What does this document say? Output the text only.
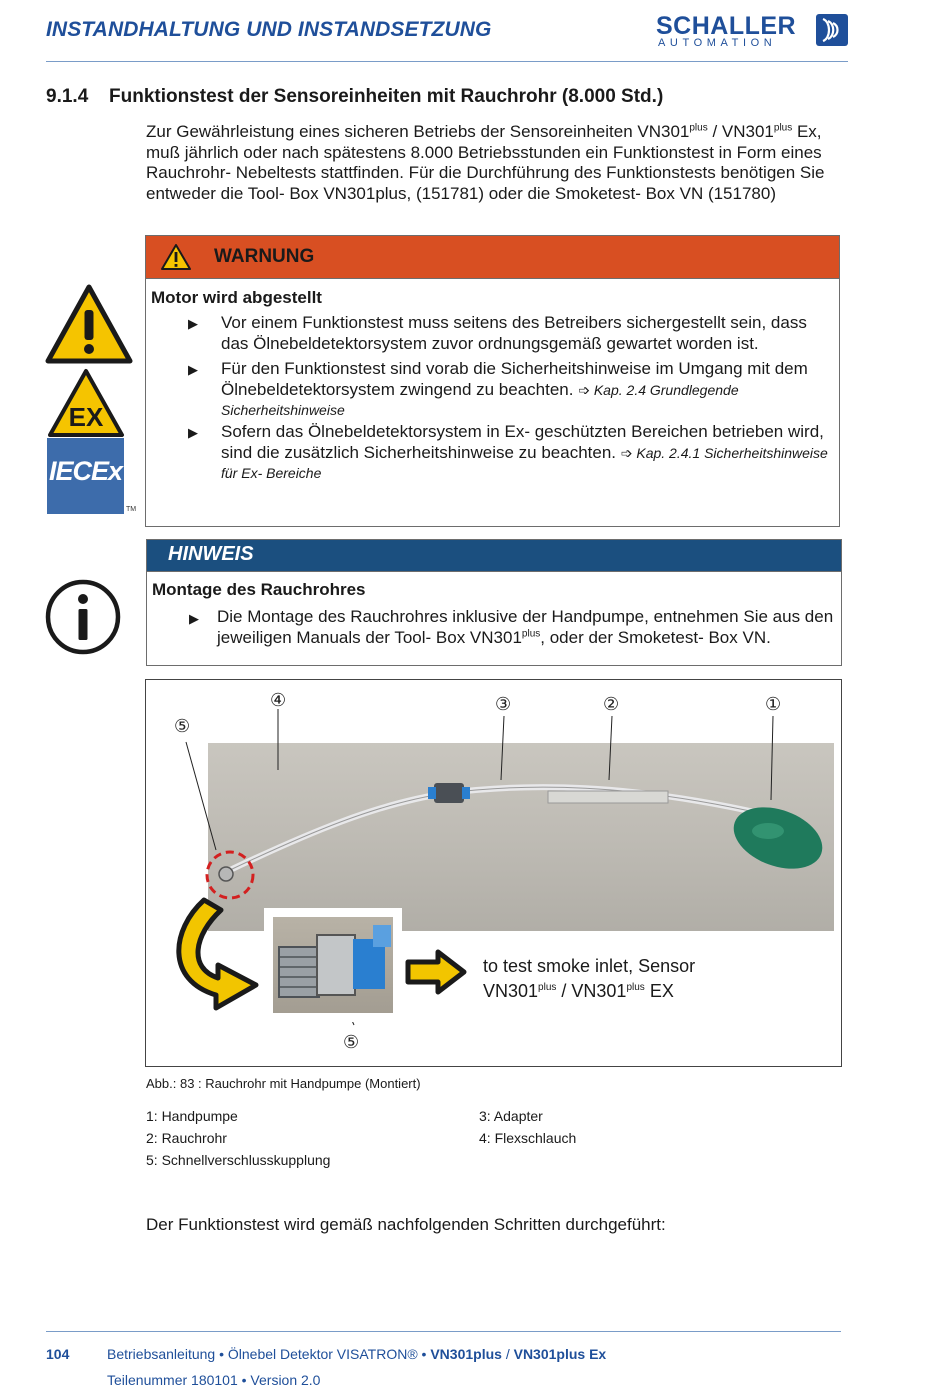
INSTANDHALTUNG UND INSTANDSETZUNG	SCHALLER
AUTOMATION
9.1.4 Funktionstest der Sensoreinheiten mit Rauchrohr (8.000 Std.)
Zur Gewährleistung eines sicheren Betriebs der Sensoreinheiten $VN301^{plus} / VN301^{plus}$ Ex, muß jährlich oder nach spätestens 8.000 Betriebsstunden ein Funktionstest in Form eines Rauchrohr- Nebeltests stattfinden. Für die Durchführung des Funktionstests benötigen Sie entweder die Tool- Box VN301plus, (151781) oder die Smoketest- Box VN (151780)
EX
IECEx
TM
WARNUNG
Motor wird abgestellt
▶ Vor einem Funktionstest muss seitens des Betreibers sichergestellt sein, dass das Ölnebeldetektorsystem zuvor ordnungsgemäß gewartet worden ist.
▶ Für den Funktionstest sind vorab die Sicherheitshinweise im Umgang mit dem Ölnebeldetektorsystem zwingend zu beachten. ➩ Kap. 2.4 Grundlegende Sicherheitshinweise
▶ Sofern das Ölnebeldetektorsystem in Ex- geschützten Bereichen betrieben wird, sind die zusätzlich Sicherheitshinweise zu beachten. ➩ Kap. 2.4.1 Sicherheitshinweise für Ex- Bereiche
HINWEIS
Montage des Rauchrohres
▶ Die Montage des Rauchrohres inklusive der Handpumpe, entnehmen Sie aus den jeweiligen Manuals der Tool- Box $VN301^{plus}$, oder der Smoketest- Box VN.
④	③	②	①
⑤
⑤
to test smoke inlet, Sensor
$VN301^{plus} / VN301^{plus}$ EX
Abb.: 83 : Rauchrohr mit Handpumpe (Montiert)
1: Handpumpe	3: Adapter
2: Rauchrohr	4: Flexschlauch
5: Schnellverschlusskupplung
Der Funktionstest wird gemäß nachfolgenden Schritten durchgeführt:
104	Betriebsanleitung • Ölnebel Detektor VISATRON® • VN301plus / VN301plus Ex
Teilenummer 180101 • Version 2.0
